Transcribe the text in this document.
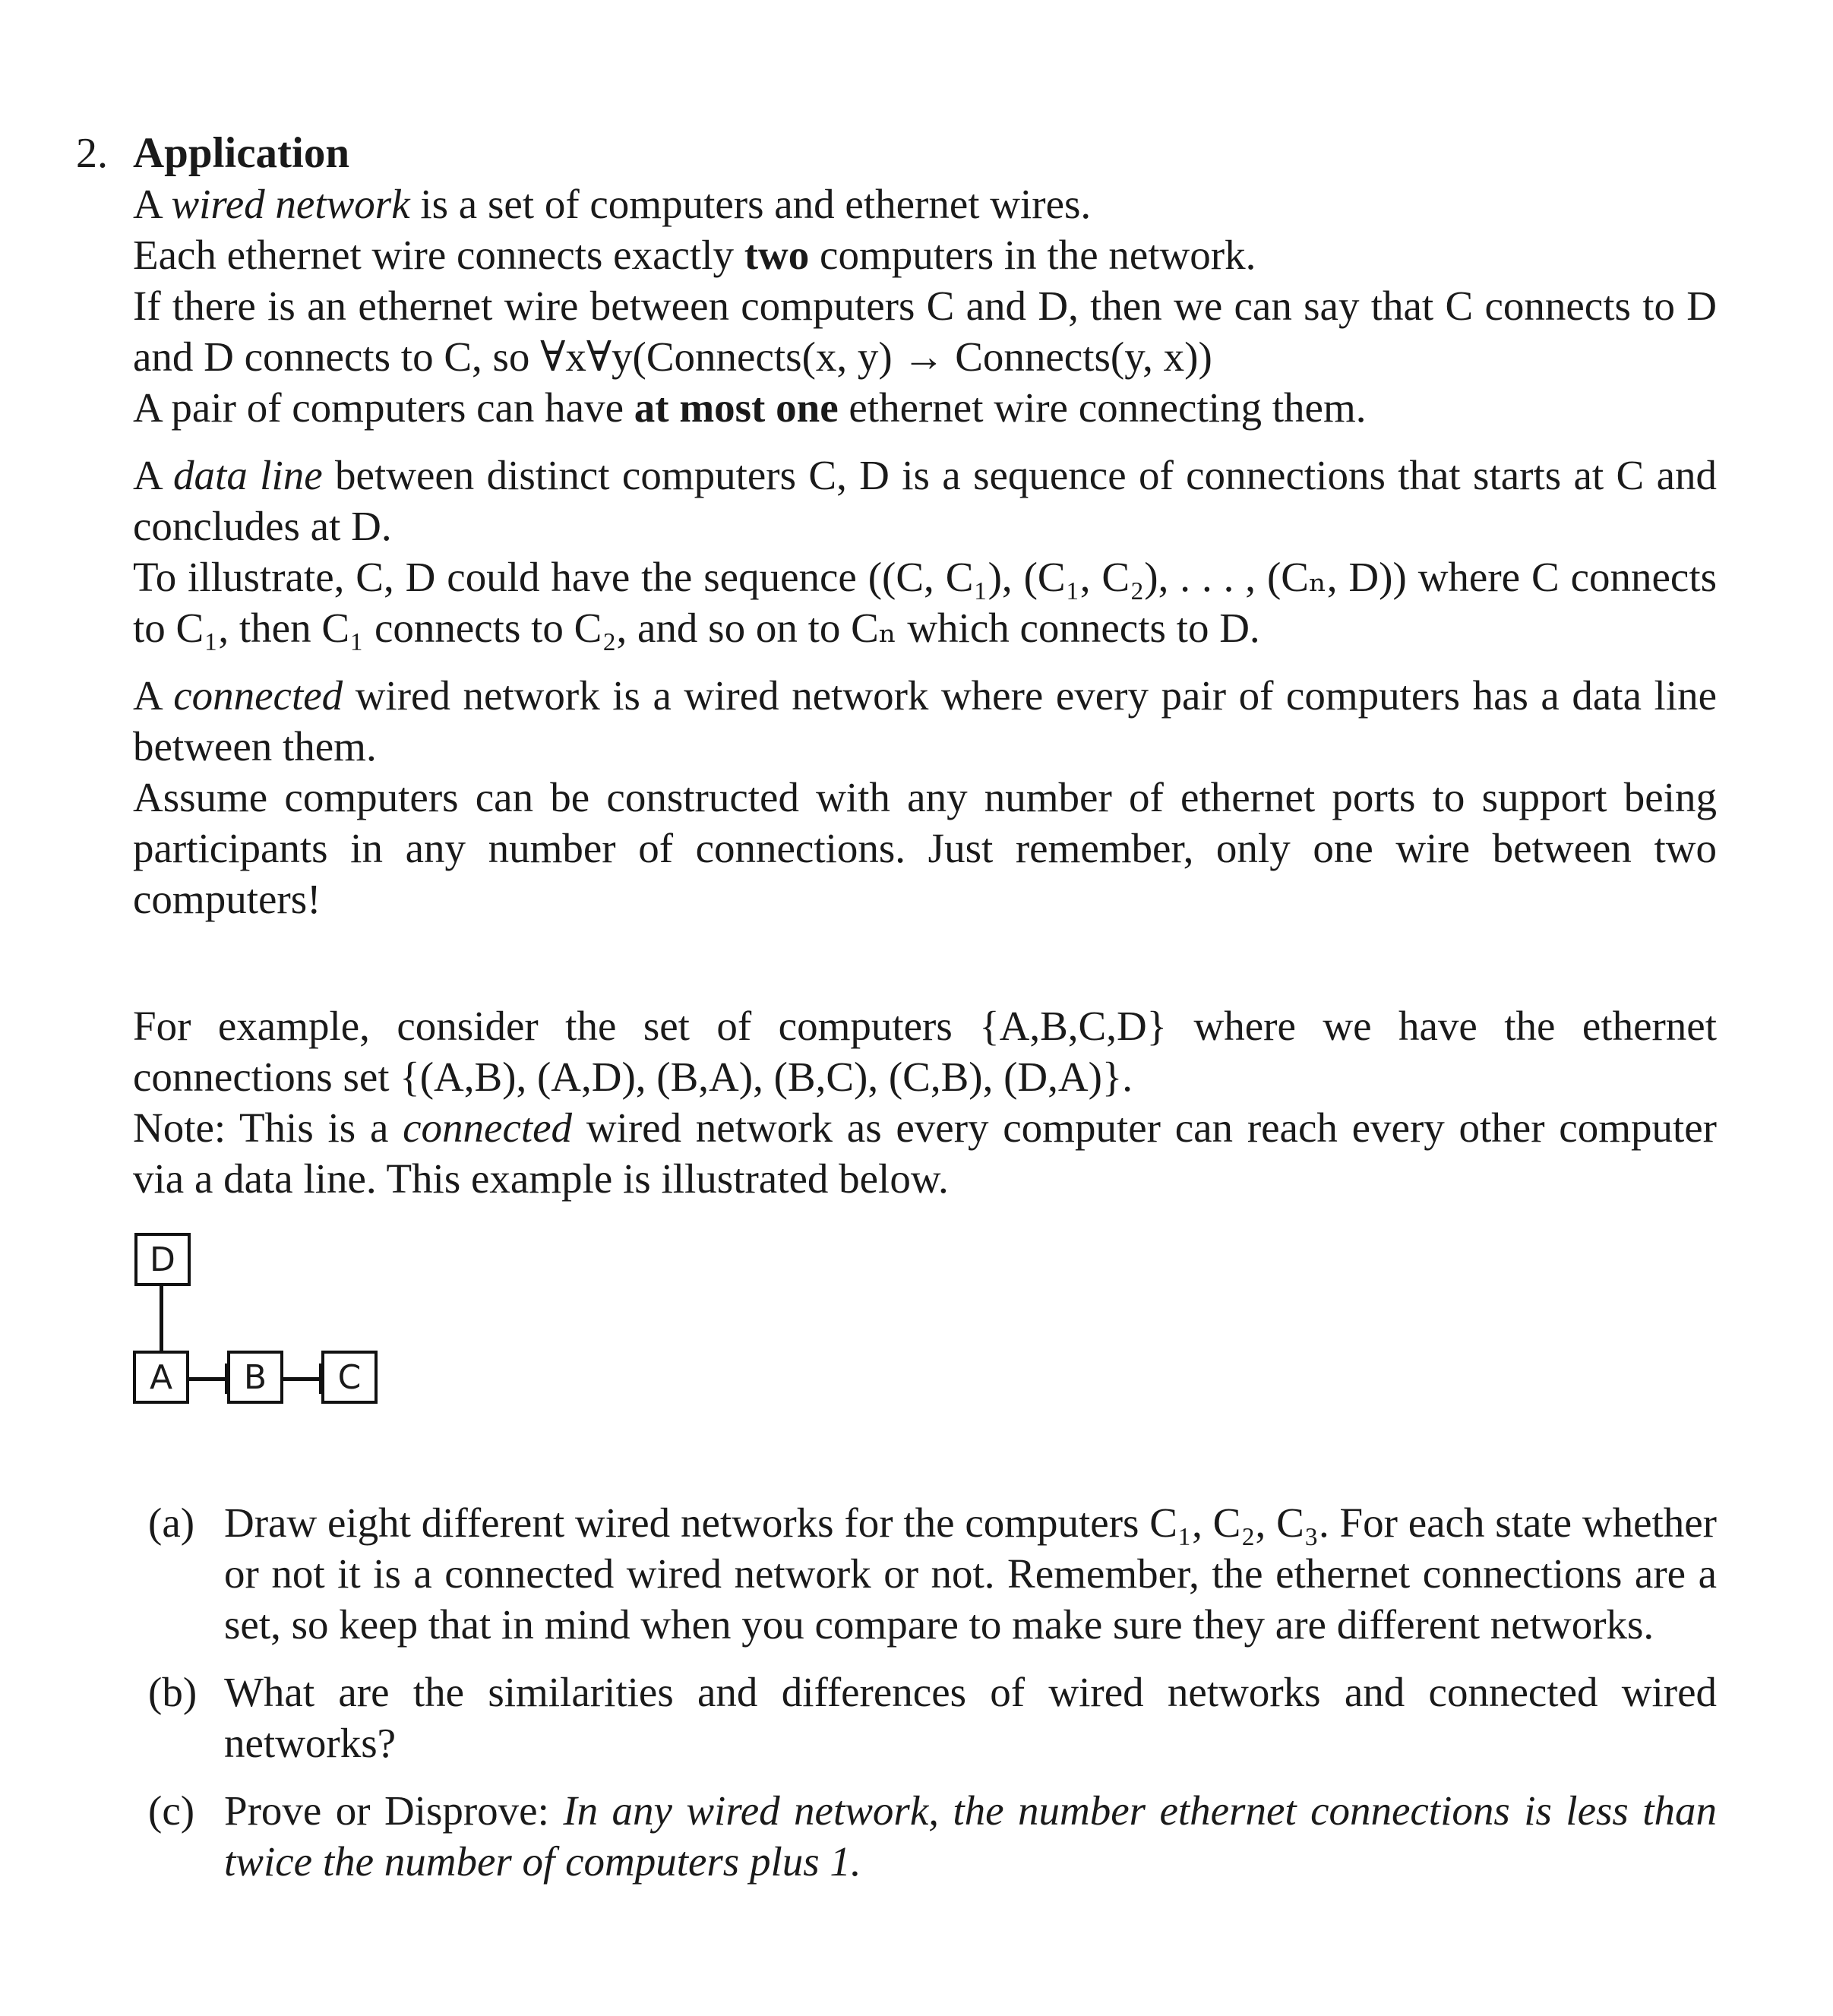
2. Application

A wired network is a set of computers and ethernet wires.

Each ethernet wire connects exactly two computers in the network.

If there is an ethernet wire between computers C and D, then we can say that C connects to D and D connects to C, so ∀x∀y(Connects(x, y) → Connects(y, x))

A pair of computers can have at most one ethernet wire connecting them.

A data line between distinct computers C, D is a sequence of connections that starts at C and concludes at D.

To illustrate, C, D could have the sequence ((C, C₁), (C₁, C₂), . . . , (Cₙ, D)) where C connects to C₁, then C₁ connects to C₂, and so on to Cₙ which connects to D.

A connected wired network is a wired network where every pair of computers has a data line between them.

Assume computers can be constructed with any number of ethernet ports to support being participants in any number of connections. Just remember, only one wire between two computers!

For example, consider the set of computers {A,B,C,D} where we have the ethernet connections set {(A,B), (A,D), (B,A), (B,C), (C,B), (D,A)}.

Note: This is a connected wired network as every computer can reach every other computer via a data line. This example is illustrated below.

D
A	B	C
(a) Draw eight different wired networks for the computers C₁, C₂, C₃. For each state whether or not it is a connected wired network or not. Remember, the ethernet connections are a set, so keep that in mind when you compare to make sure they are different networks.
(b) What are the similarities and differences of wired networks and connected wired networks?
(c) Prove or Disprove: In any wired network, the number ethernet connections is less than twice the number of computers plus 1.
